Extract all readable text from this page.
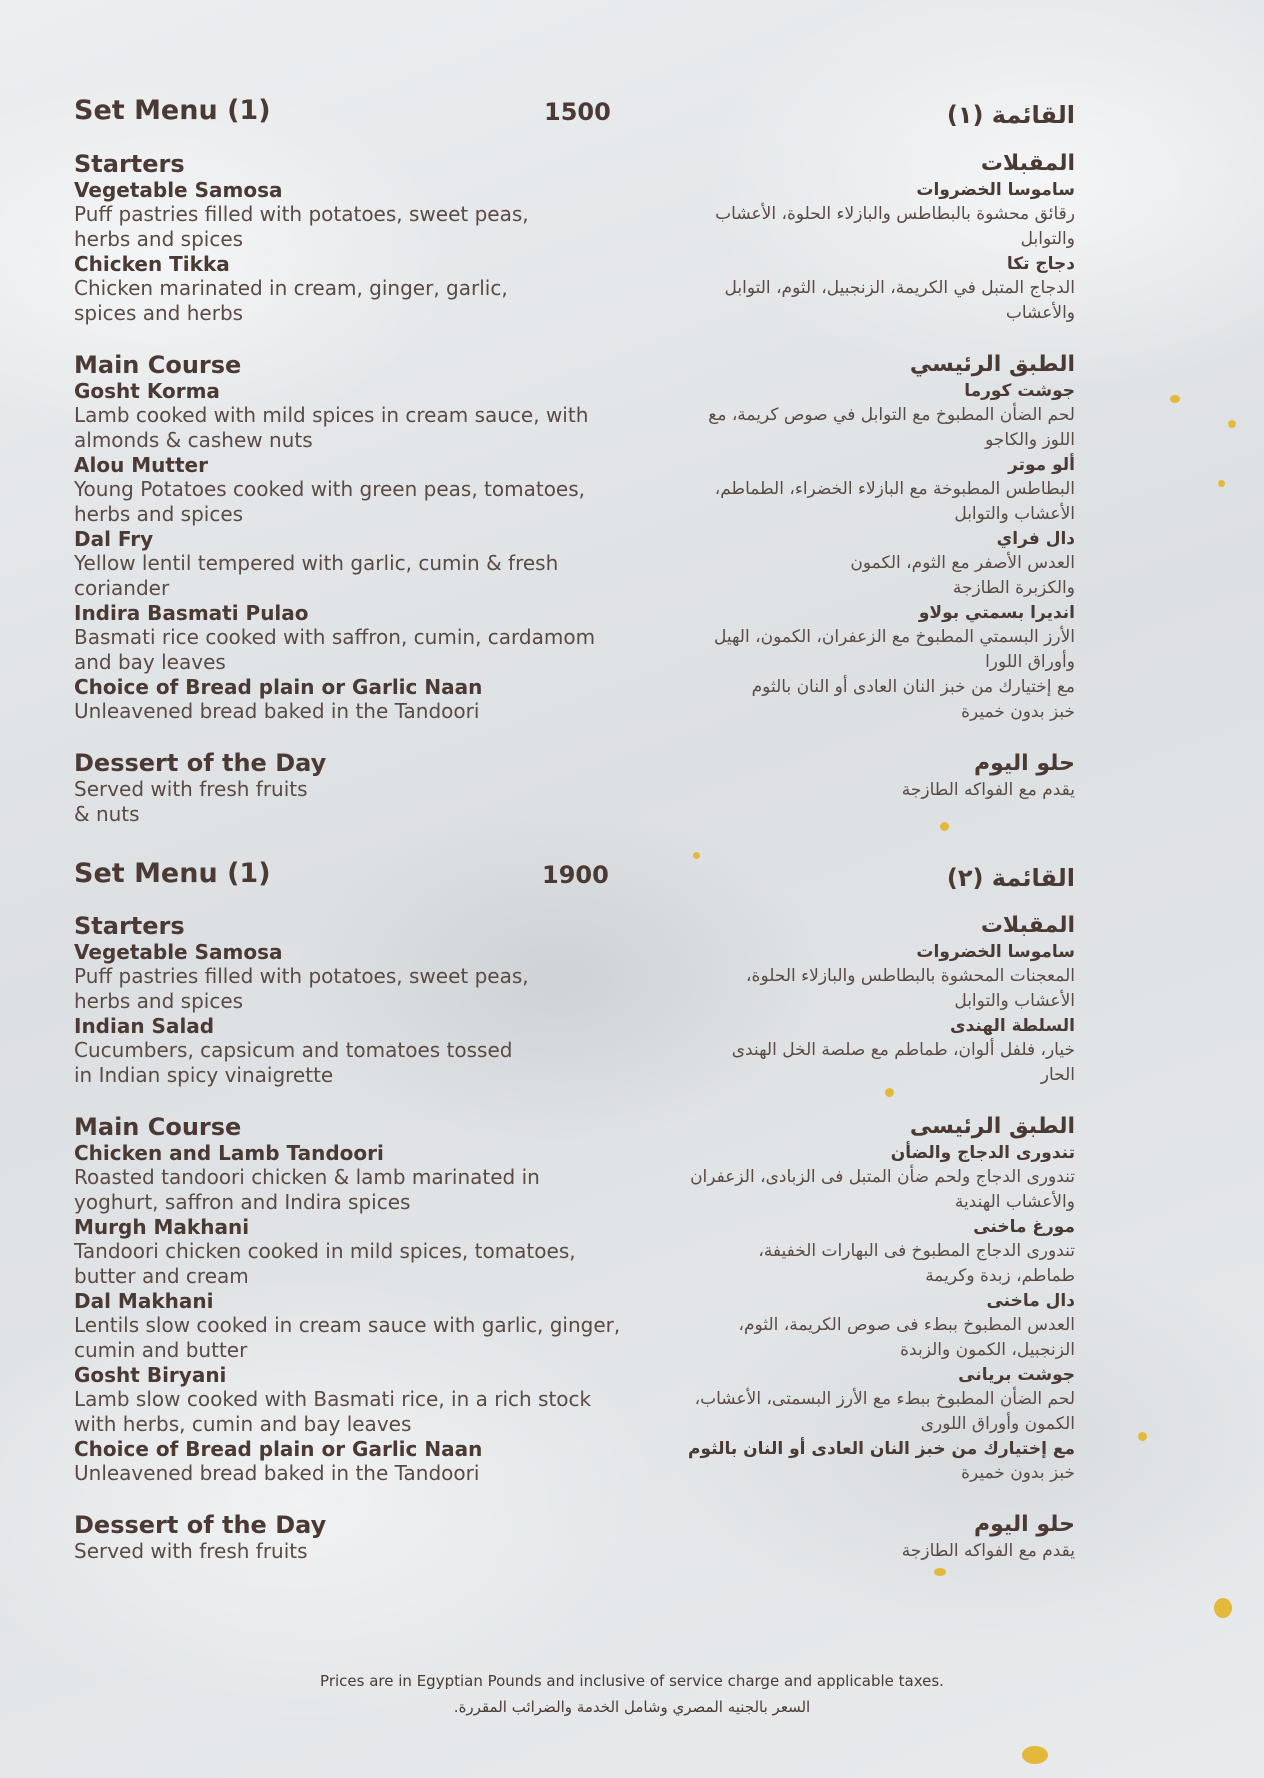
Set Menu (1)	1500	القائمة (١)
Starters
Vegetable Samosa
Puff pastries filled with potatoes, sweet peas,
herbs and spices
Chicken Tikka
Chicken marinated in cream, ginger, garlic,
spices and herbs
Main Course
Gosht Korma
Lamb cooked with mild spices in cream sauce, with
almonds & cashew nuts
Alou Mutter
Young Potatoes cooked with green peas, tomatoes,
herbs and spices
Dal Fry
Yellow lentil tempered with garlic, cumin & fresh
coriander
Indira Basmati Pulao
Basmati rice cooked with saffron, cumin, cardamom
and bay leaves
Choice of Bread plain or Garlic Naan
Unleavened bread baked in the Tandoori
Dessert of the Day
Served with fresh fruits
& nuts
المقبلات
ساموسا الخضروات
رقائق محشوة بالبطاطس والبازلاء الحلوة، الأعشاب
والتوابل
دجاج تكا
الدجاج المتبل في الكريمة، الزنجبيل، الثوم، التوابل
والأعشاب
الطبق الرئيسي
جوشت كورما
لحم الضأن المطبوخ مع التوابل في صوص كريمة، مع
اللوز والكاجو
ألو موتر
البطاطس المطبوخة مع البازلاء الخضراء، الطماطم،
الأعشاب والتوابل
دال فراي
العدس الأصفر مع الثوم، الكمون
والكزبرة الطازجة
انديرا بسمتي بولاو
الأرز البسمتي المطبوخ مع الزعفران، الكمون، الهيل
وأوراق اللورا
مع إختيارك من خبز النان العادى أو النان بالثوم
خبز بدون خميرة
حلو اليوم
يقدم مع الفواكه الطازجة
Set Menu (1)	1900	القائمة (٢)
Starters
Vegetable Samosa
Puff pastries filled with potatoes, sweet peas,
herbs and spices
Indian Salad
Cucumbers, capsicum and tomatoes tossed
in Indian spicy vinaigrette
Main Course
Chicken and Lamb Tandoori
Roasted tandoori chicken & lamb marinated in
yoghurt, saffron and Indira spices
Murgh Makhani
Tandoori chicken cooked in mild spices, tomatoes,
butter and cream
Dal Makhani
Lentils slow cooked in cream sauce with garlic, ginger,
cumin and butter
Gosht Biryani
Lamb slow cooked with Basmati rice, in a rich stock
with herbs, cumin and bay leaves
Choice of Bread plain or Garlic Naan
Unleavened bread baked in the Tandoori
Dessert of the Day
Served with fresh fruits
المقبلات
ساموسا الخضروات
المعجنات المحشوة بالبطاطس والبازلاء الحلوة،
الأعشاب والتوابل
السلطة الهندى
خيار، فلفل ألوان، طماطم مع صلصة الخل الهندى
الحار
الطبق الرئيسى
تندورى الدجاج والضأن
تندورى الدجاج ولحم ضأن المتبل فى الزبادى، الزعفران
والأعشاب الهندية
مورغ ماخنى
تندورى الدجاج المطبوخ فى البهارات الخفيفة،
طماطم، زبدة وكريمة
دال ماخنى
العدس المطبوخ ببطء فى صوص الكريمة، الثوم،
الزنجبيل، الكمون والزبدة
جوشت بريانى
لحم الضأن المطبوخ ببطء مع الأرز البسمتى، الأعشاب،
الكمون وأوراق اللورى
مع إختيارك من خبز النان العادى أو النان بالثوم
خبز بدون خميرة
حلو اليوم
يقدم مع الفواكه الطازجة
Prices are in Egyptian Pounds and inclusive of service charge and applicable taxes.
السعر بالجنيه المصري وشامل الخدمة والضرائب المقررة.
